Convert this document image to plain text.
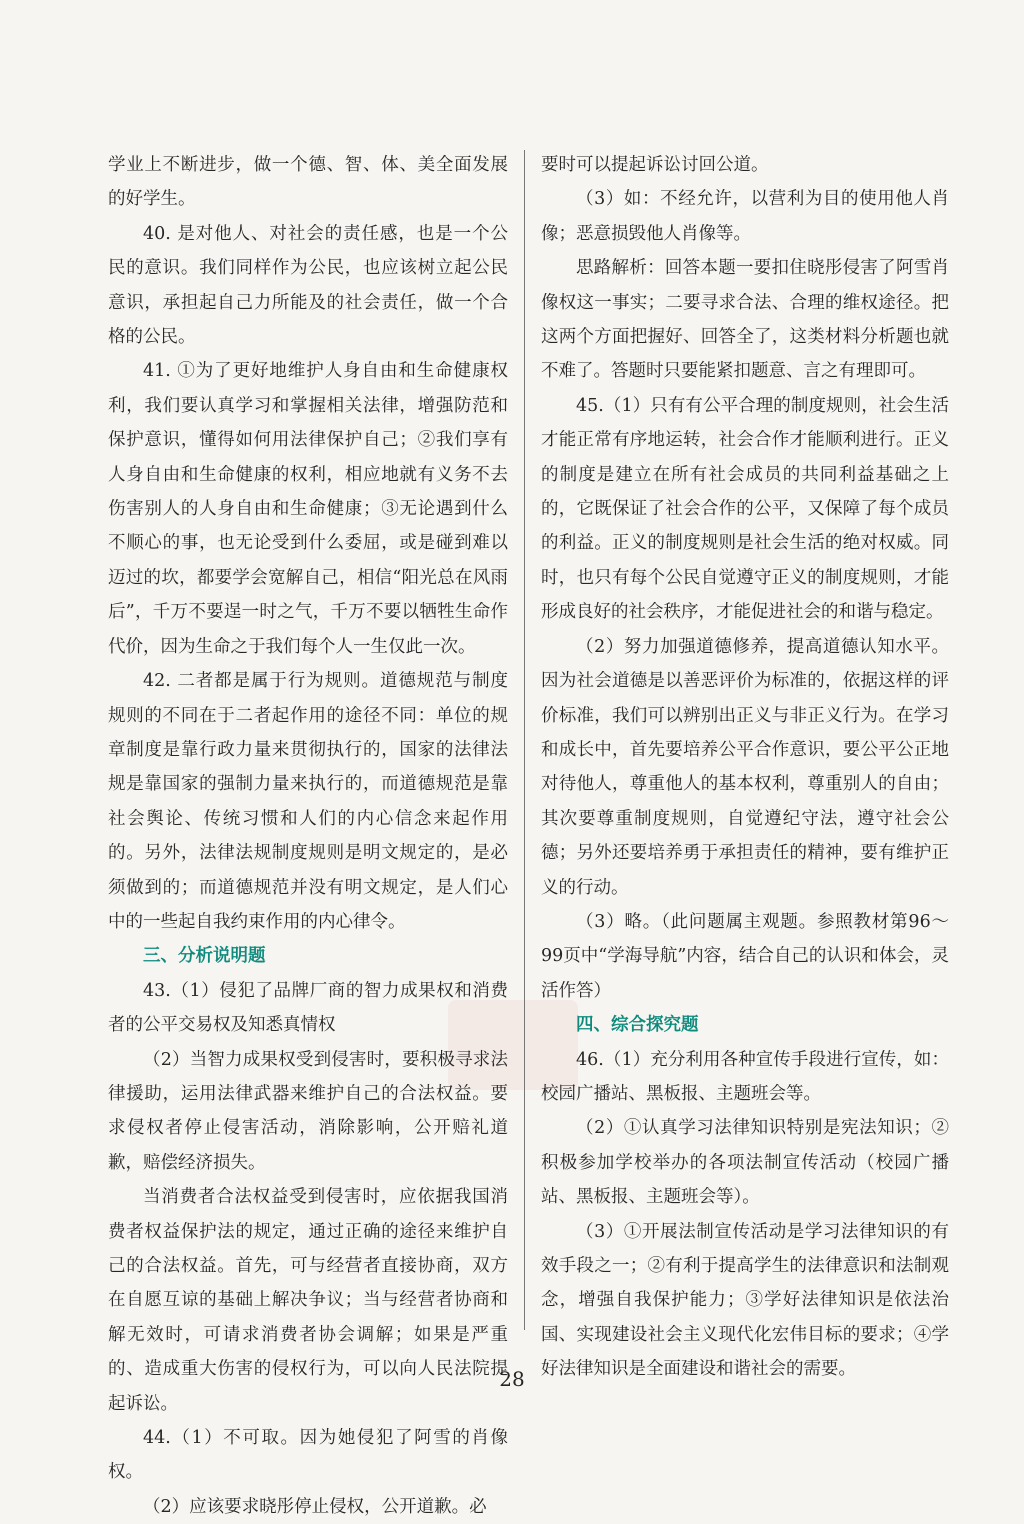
学业上不断进步，做一个德、智、体、美全面发展的好学生。

40. 是对他人、对社会的责任感，也是一个公民的意识。我们同样作为公民，也应该树立起公民意识，承担起自己力所能及的社会责任，做一个合格的公民。

41. ①为了更好地维护人身自由和生命健康权利，我们要认真学习和掌握相关法律，增强防范和保护意识，懂得如何用法律保护自己；②我们享有人身自由和生命健康的权利，相应地就有义务不去伤害别人的人身自由和生命健康；③无论遇到什么不顺心的事，也无论受到什么委屈，或是碰到难以迈过的坎，都要学会宽解自己，相信“阳光总在风雨后”，千万不要逞一时之气，千万不要以牺牲生命作代价，因为生命之于我们每个人一生仅此一次。

42. 二者都是属于行为规则。道德规范与制度规则的不同在于二者起作用的途径不同：单位的规章制度是靠行政力量来贯彻执行的，国家的法律法规是靠国家的强制力量来执行的，而道德规范是靠社会舆论、传统习惯和人们的内心信念来起作用的。另外，法律法规制度规则是明文规定的，是必须做到的；而道德规范并没有明文规定，是人们心中的一些起自我约束作用的内心律令。

三、分析说明题

43.（1）侵犯了品牌厂商的智力成果权和消费者的公平交易权及知悉真情权

（2）当智力成果权受到侵害时，要积极寻求法律援助，运用法律武器来维护自己的合法权益。要求侵权者停止侵害活动，消除影响，公开赔礼道歉，赔偿经济损失。

当消费者合法权益受到侵害时，应依据我国消费者权益保护法的规定，通过正确的途径来维护自己的合法权益。首先，可与经营者直接协商，双方在自愿互谅的基础上解决争议；当与经营者协商和解无效时，可请求消费者协会调解；如果是严重的、造成重大伤害的侵权行为，可以向人民法院提起诉讼。

44.（1）不可取。因为她侵犯了阿雪的肖像权。

（2）应该要求晓彤停止侵权，公开道歉。必

要时可以提起诉讼讨回公道。

（3）如：不经允许，以营利为目的使用他人肖像；恶意损毁他人肖像等。

思路解析：回答本题一要扣住晓彤侵害了阿雪肖像权这一事实；二要寻求合法、合理的维权途径。把这两个方面把握好、回答全了，这类材料分析题也就不难了。答题时只要能紧扣题意、言之有理即可。

45.（1）只有有公平合理的制度规则，社会生活才能正常有序地运转，社会合作才能顺利进行。正义的制度是建立在所有社会成员的共同利益基础之上的，它既保证了社会合作的公平，又保障了每个成员的利益。正义的制度规则是社会生活的绝对权威。同时，也只有每个公民自觉遵守正义的制度规则，才能形成良好的社会秩序，才能促进社会的和谐与稳定。

（2）努力加强道德修养，提高道德认知水平。因为社会道德是以善恶评价为标准的，依据这样的评价标准，我们可以辨别出正义与非正义行为。在学习和成长中，首先要培养公平合作意识，要公平公正地对待他人，尊重他人的基本权利，尊重别人的自由；其次要尊重制度规则，自觉遵纪守法，遵守社会公德；另外还要培养勇于承担责任的精神，要有维护正义的行动。

（3）略。（此问题属主观题。参照教材第96～99页中“学海导航”内容，结合自己的认识和体会，灵活作答）

四、综合探究题

46.（1）充分利用各种宣传手段进行宣传，如：校园广播站、黑板报、主题班会等。

（2）①认真学习法律知识特别是宪法知识；②积极参加学校举办的各项法制宣传活动（校园广播站、黑板报、主题班会等）。

（3）①开展法制宣传活动是学习法律知识的有效手段之一；②有利于提高学生的法律意识和法制观念，增强自我保护能力；③学好法律知识是依法治国、实现建设社会主义现代化宏伟目标的要求；④学好法律知识是全面建设和谐社会的需要。

28
